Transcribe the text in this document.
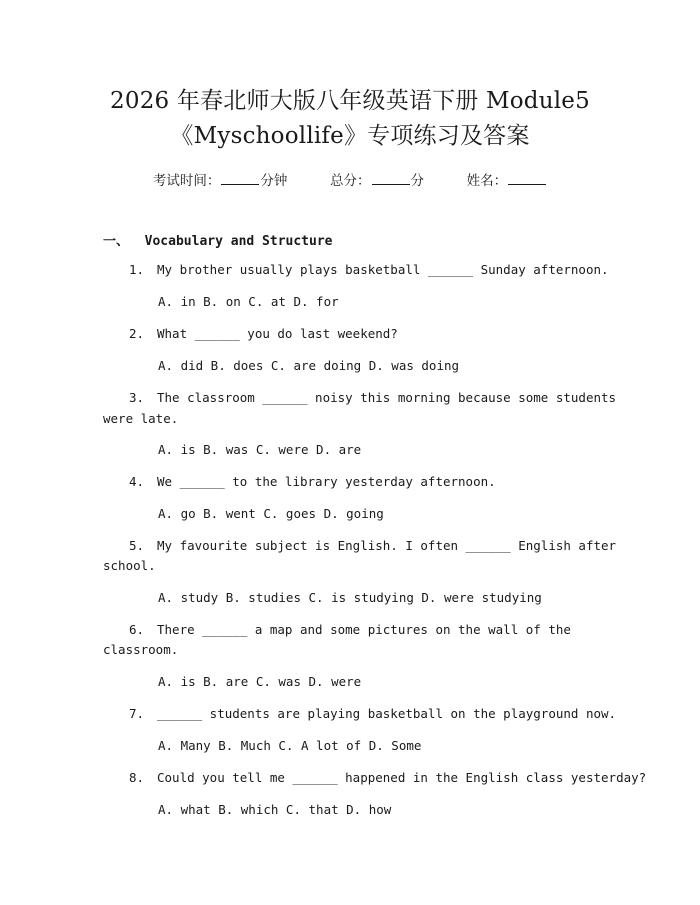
2026 年春北师大版八年级英语下册 Module5
《Myschoollife》专项练习及答案
考试时间：	分钟	总分：	分	姓名：
一、  Vocabulary and Structure

1. My brother usually plays basketball ______ Sunday afternoon.

A. in B. on C. at D. for

2. What ______ you do last weekend?

A. did B. does C. are doing D. was doing

3. The classroom ______ noisy this morning because some students

were late.

A. is B. was C. were D. are

4. We ______ to the library yesterday afternoon.

A. go B. went C. goes D. going

5. My favourite subject is English. I often ______ English after

school.

A. study B. studies C. is studying D. were studying

6. There ______ a map and some pictures on the wall of the

classroom.

A. is B. are C. was D. were

7. ______ students are playing basketball on the playground now.

A. Many B. Much C. A lot of D. Some

8. Could you tell me ______ happened in the English class yesterday?

A. what B. which C. that D. how
